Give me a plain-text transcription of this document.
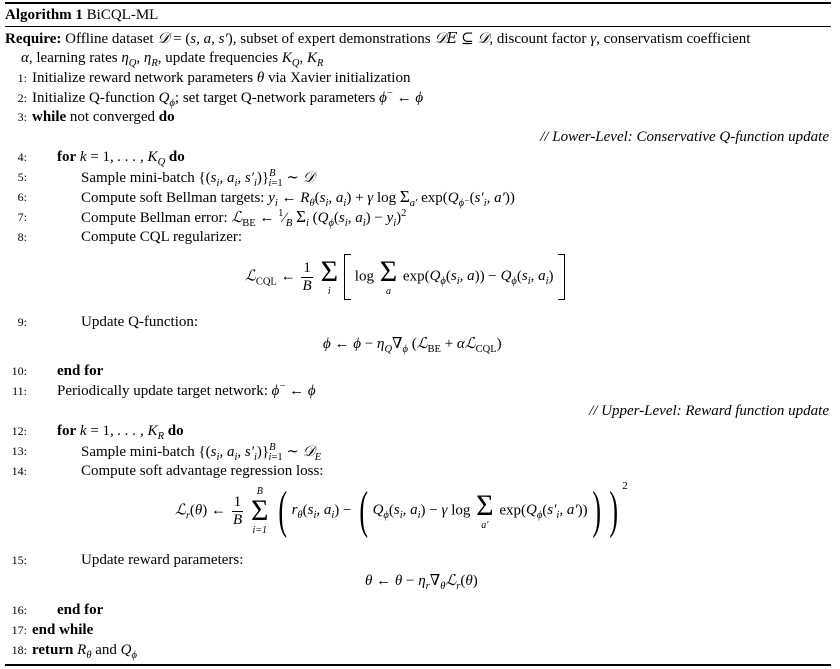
Algorithm 1 BiCQL-ML
Require: Offline dataset 𝒟 = (s, a, s′), subset of expert demonstrations 𝒟E ⊆ 𝒟, discount factor γ, conservatism coefficient
α, learning rates $\eta_Q$, $\eta_R$, update frequencies $K_Q$, $K_R$
1: Initialize reward network parameters θ via Xavier initialization
2: Initialize Q-function $Q_\phi$; set target Q-network parameters ϕ− ← ϕ
3: while not converged do
// Lower-Level: Conservative Q-function update
4: for k = 1, . . . , $K_Q$ do
5:	Sample mini-batch {($s_i$, $a_i$, $s'_i)\}^B_{i=1}$ ∼ 𝒟
6:	Compute soft Bellman targets: $y_i$ ← $R_\theta(s_i$, $a_i) + \gamma$ $\log \Sigma_{a'}$ $\exp(Q_{\phi^-}(s'_i$, a′))
7:	Compute Bellman error: ℒ$_{BE}$ ← $^1⁄_B$ $\Sigma_i$ ($Q_\phi(s_i$, $a_i) - y_i)^2$
8:	Compute CQL regularizer:
ℒ$_{CQL}$ ← $\frac{1}{B}$
Σ
i
log Σ
a
$\exp(Q_\phi(s_i$, $a)) - Q_\phi(s_i$, $a_i$)
9:	Update Q-function:
ϕ ← $\phi - \eta_Q\nabla_\phi$ (ℒ$_{BE}$ + αℒ$_{CQL}$)
10: end for
11: Periodically update target network: ϕ− ← ϕ
// Upper-Level: Reward function update
12: for k = 1, . . . , $K_R$ do
13:	Sample mini-batch {($s_i$, $a_i$, $s'_i)\}^B_{i=1}$ ∼ 𝒟$_E$
14:	Compute soft advantage regression loss:
ℒ$_r$(θ) ← $\frac{1}{B}$

B
Σ
i=1 ( $r_\theta(s_i$, $a_i$) − ( $Q_\phi(s_i$, $a_i) - \gamma$ log Σ
a′
$\exp(Q_\phi(s'_i$, a′))) ) $^2$
15:	Update reward parameters:
θ ← $\theta - \eta_r\nabla_\theta ℒ_r(\theta)$
16: end for
17: end while
18: return $R_\theta$ and $Q_\phi$
